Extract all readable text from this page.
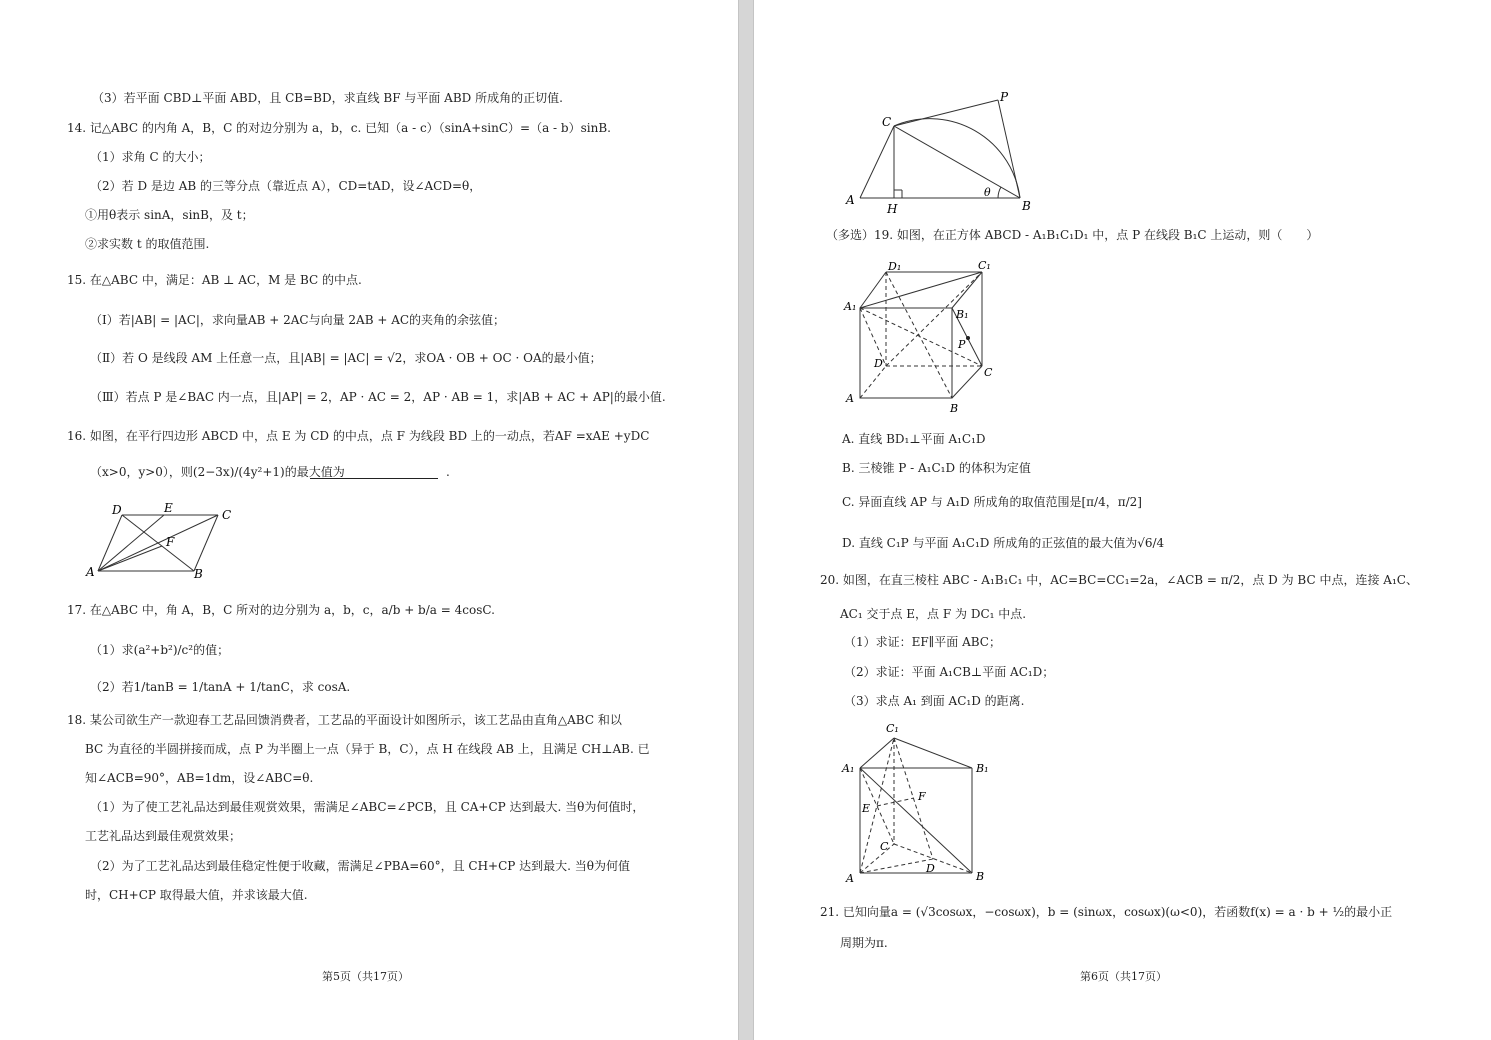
（3）若平面 CBD⊥平面 ABD，且 CB=BD，求直线 BF 与平面 ABD 所成角的正切值.
14. 记△ABC 的内角 A，B，C 的对边分别为 a，b，c. 已知（a - c）（sinA+sinC）=（a - b）sinB.
（1）求角 C 的大小；
（2）若 D 是边 AB 的三等分点（靠近点 A），CD=tAD，设∠ACD=θ，
①用θ表示 sinA，sinB，及 t；
②求实数 t 的取值范围.
15. 在△ABC 中，满足：AB ⊥ AC，M 是 BC 的中点.
（Ⅰ）若|AB| = |AC|，求向量AB + 2AC与向量 2AB + AC的夹角的余弦值；
（Ⅱ）若 O 是线段 AM 上任意一点，且|AB| = |AC| = √2，求OA · OB + OC · OA的最小值；
（Ⅲ）若点 P 是∠BAC 内一点，且|AP| = 2，AP · AC = 2，AP · AB = 1，求|AB + AC + AP|的最小值.
16. 如图，在平行四边形 ABCD 中，点 E 为 CD 的中点，点 F 为线段 BD 上的一动点，若AF =xAE +yDC
（x>0，y>0），则(2−3x)/(4y²+1)的最大值为	.
D	E	C
F
A	B
17. 在△ABC 中，角 A，B，C 所对的边分别为 a，b，c，a/b + b/a = 4cosC.
（1）求(a²+b²)/c²的值；
（2）若1/tanB = 1/tanA + 1/tanC，求 cosA.
18. 某公司欲生产一款迎春工艺品回馈消费者，工艺品的平面设计如图所示，该工艺品由直角△ABC 和以
BC 为直径的半圆拼接而成，点 P 为半圈上一点（异于 B，C），点 H 在线段 AB 上，且满足 CH⊥AB. 已
知∠ACB=90°，AB=1dm，设∠ABC=θ.
（1）为了使工艺礼品达到最佳观赏效果，需满足∠ABC=∠PCB，且 CA+CP 达到最大. 当θ为何值时，
工艺礼品达到最佳观赏效果；
（2）为了工艺礼品达到最佳稳定性便于收藏，需满足∠PBA=60°，且 CH+CP 达到最大. 当θ为何值
时，CH+CP 取得最大值，并求该最大值.
第5页（共17页）
C
P
A
H	B
θ
（多选）19. 如图，在正方体 ABCD - A₁B₁C₁D₁ 中，点 P 在线段 B₁C 上运动，则（　　）
D₁	C₁
A₁
B₁
P
D
C
A
B
A. 直线 BD₁⊥平面 A₁C₁D
B. 三棱锥 P - A₁C₁D 的体积为定值
C. 异面直线 AP 与 A₁D 所成角的取值范围是[π/4，π/2]
D. 直线 C₁P 与平面 A₁C₁D 所成角的正弦值的最大值为√6/4
20. 如图，在直三棱柱 ABC - A₁B₁C₁ 中，AC=BC=CC₁=2a，∠ACB = π/2，点 D 为 BC 中点，连接 A₁C、
AC₁ 交于点 E，点 F 为 DC₁ 中点.
（1）求证：EF∥平面 ABC；
（2）求证：平面 A₁CB⊥平面 AC₁D；
（3）求点 A₁ 到面 AC₁D 的距离.
C₁
A₁	B₁
E
F
C
D
A	B
21. 已知向量a = (√3cosωx，−cosωx)，b = (sinωx，cosωx)(ω<0)，若函数f(x) = a · b + ½的最小正
周期为π.
第6页（共17页）
